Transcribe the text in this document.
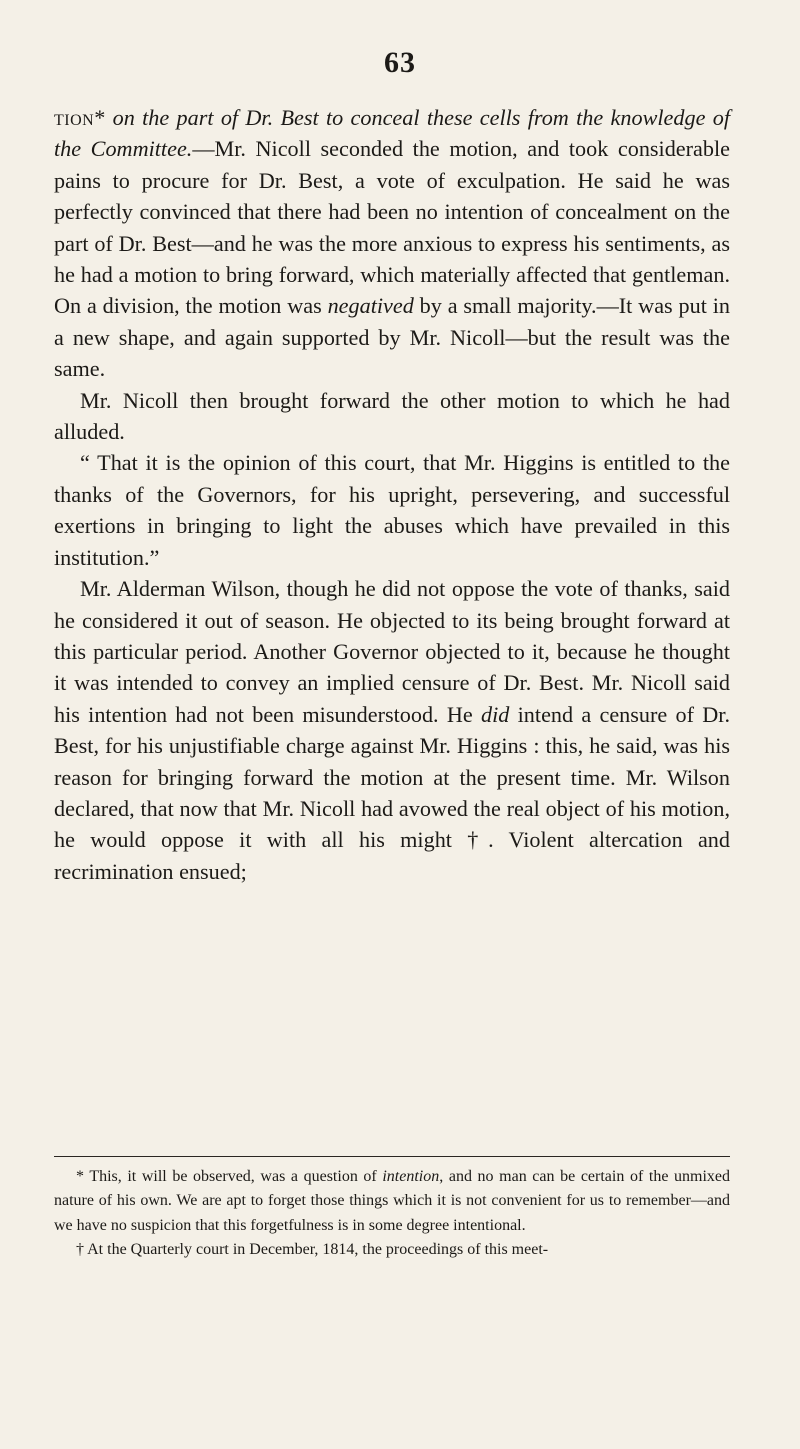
63

tion* on the part of Dr. Best to conceal these cells from the knowledge of the Committee.—Mr. Nicoll seconded the motion, and took considerable pains to procure for Dr. Best, a vote of exculpation. He said he was perfectly convinced that there had been no intention of concealment on the part of Dr. Best—and he was the more anxious to express his sentiments, as he had a motion to bring forward, which materially affected that gentleman. On a division, the motion was negatived by a small majority.—It was put in a new shape, and again supported by Mr. Nicoll—but the result was the same.

Mr. Nicoll then brought forward the other motion to which he had alluded.

“ That it is the opinion of this court, that Mr. Higgins is entitled to the thanks of the Governors, for his upright, persevering, and successful exertions in bringing to light the abuses which have prevailed in this institution.”

Mr. Alderman Wilson, though he did not oppose the vote of thanks, said he considered it out of season. He objected to its being brought forward at this particular period. Another Governor objected to it, because he thought it was intended to convey an implied censure of Dr. Best. Mr. Nicoll said his intention had not been misunderstood. He did intend a censure of Dr. Best, for his unjustifiable charge against Mr. Higgins : this, he said, was his reason for bringing forward the motion at the present time. Mr. Wilson declared, that now that Mr. Nicoll had avowed the real object of his motion, he would oppose it with all his might †. Violent altercation and recrimination ensued;

* This, it will be observed, was a question of intention, and no man can be certain of the unmixed nature of his own. We are apt to forget those things which it is not convenient for us to remember—and we have no suspicion that this forgetfulness is in some degree intentional.

† At the Quarterly court in December, 1814, the proceedings of this meet-
